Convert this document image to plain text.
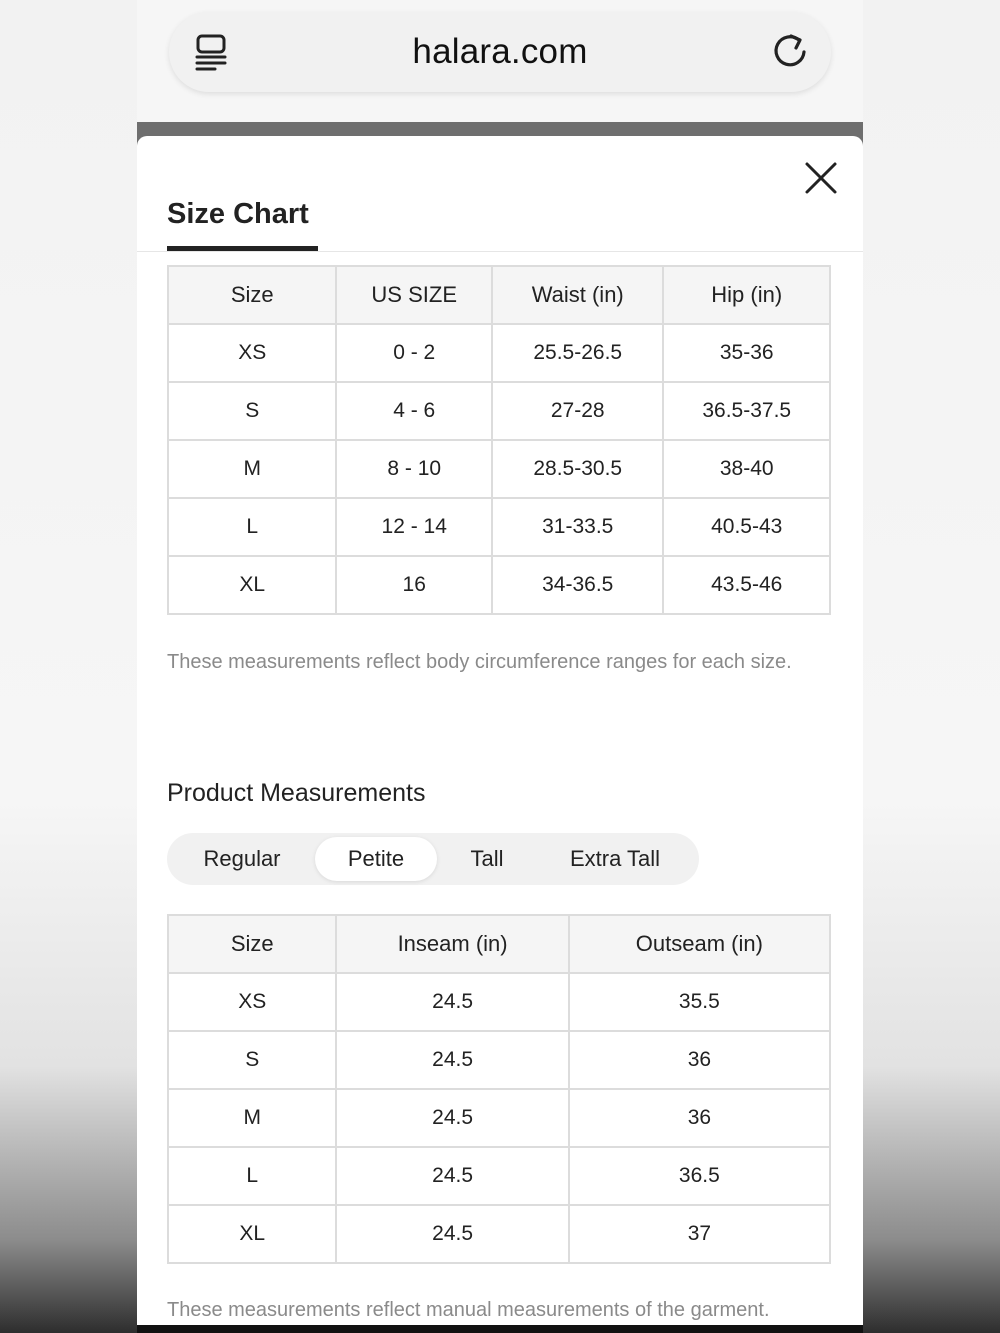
halara.com
Size Chart
Size	US SIZE	Waist (in)	Hip (in)
XS	0 - 2	25.5-26.5	35-36
S	4 - 6	27-28	36.5-37.5
M	8 - 10	28.5-30.5	38-40
L	12 - 14	31-33.5	40.5-43
XL	16	34-36.5	43.5-46
These measurements reflect body circumference ranges for each size.
Product Measurements
Regular	Petite	Tall	Extra Tall
Size	Inseam (in)	Outseam (in)
XS	24.5	35.5
S	24.5	36
M	24.5	36
L	24.5	36.5
XL	24.5	37
These measurements reflect manual measurements of the garment.
